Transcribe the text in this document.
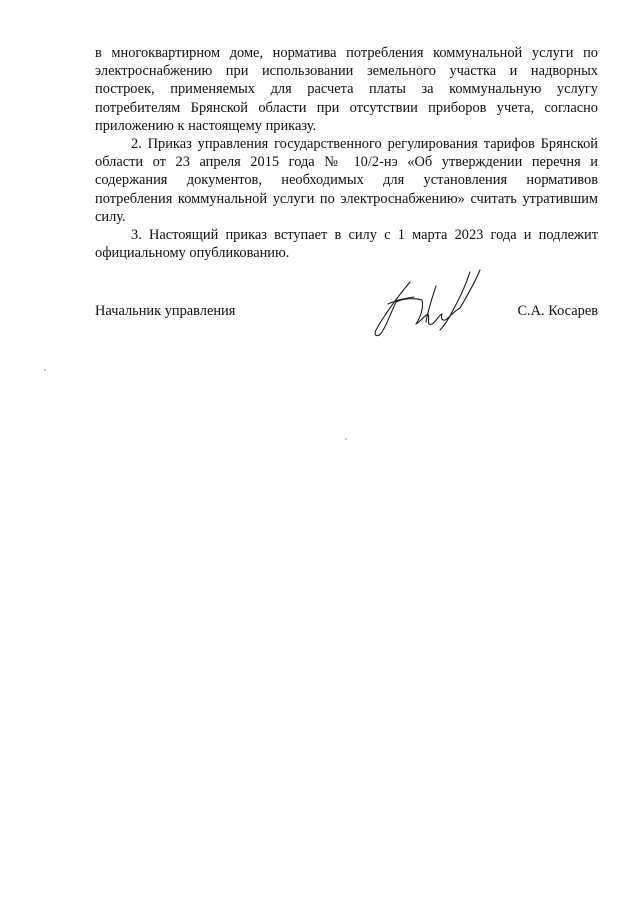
в многоквартирном доме, норматива потребления коммунальной услуги по электроснабжению при использовании земельного участка и надворных построек, применяемых для расчета платы за коммунальную услугу потребителям Брянской области при отсутствии приборов учета, согласно приложению к настоящему приказу.

2. Приказ управления государственного регулирования тарифов Брянской области от 23 апреля 2015 года № 10/2-нэ «Об утверждении перечня и содержания документов, необходимых для установления нормативов потребления коммунальной услуги по электроснабжению» считать утратившим силу.

3. Настоящий приказ вступает в силу с 1 марта 2023 года и подлежит официальному опубликованию.

Начальник управления	С.А. Косарев
